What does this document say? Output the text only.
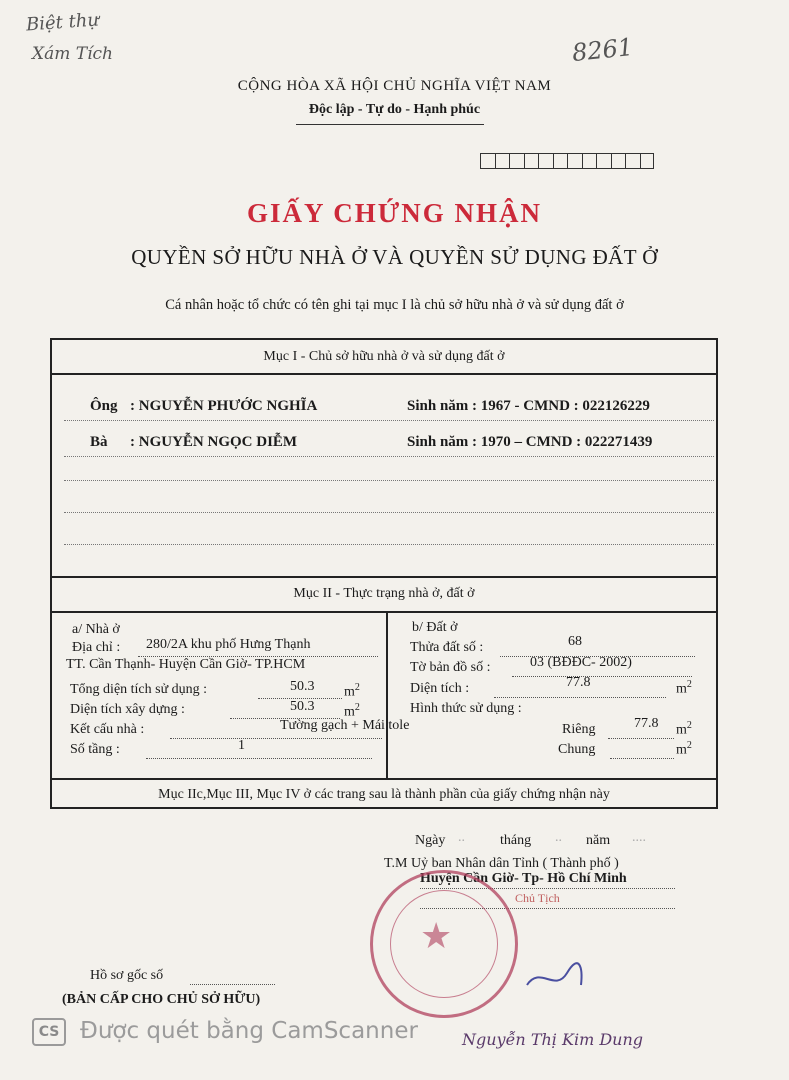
Biệt thự
Xám Tích	8261
CỘNG HÒA XÃ HỘI CHỦ NGHĨA VIỆT NAM
Độc lập - Tự do - Hạnh phúc
GIẤY CHỨNG NHẬN
QUYỀN SỞ HỮU NHÀ Ở VÀ QUYỀN SỬ DỤNG ĐẤT Ở
Cá nhân hoặc tổ chức có tên ghi tại mục I là chủ sở hữu nhà ở và sử dụng đất ở
Mục I - Chủ sở hữu nhà ở và sử dụng đất ở
Ông : NGUYỄN PHƯỚC NGHĨA	Sinh năm : 1967 - CMND : 022126229
Bà : NGUYỄN NGỌC DIỄM	Sinh năm : 1970 – CMND : 022271439
Mục II - Thực trạng nhà ở, đất ở
a/ Nhà ở
Địa chỉ : 280/2A khu phố Hưng Thạnh
TT. Cần Thạnh- Huyện Cần Giờ- TP.HCM
Tổng diện tích sử dụng :	50.3 $m^2$
Diện tích xây dựng :	50.3 $m^2$
Kết cấu nhà :	Tường gạch + Mái tole
Số tầng :	1
b/ Đất ở
Thửa đất số :	68
Tờ bản đồ số :	03 (BĐĐC- 2002)
Diện tích :	77.8	$m^2$
Hình thức sử dụng :
Riêng	77.8 $m^2$
Chung	$m^2$
Mục IIc,Mục III, Mục IV ở các trang sau là thành phần của giấy chứng nhận này
Ngày ..	tháng .. năm ....
T.M Uỷ ban Nhân dân Tỉnh ( Thành phố )
Huyện Cần Giờ- Tp- Hồ Chí Minh
Chủ Tịch
★
Nguyễn Thị Kim Dung
Hồ sơ gốc số
(BẢN CẤP CHO CHỦ SỞ HỮU)
CS Được quét bằng CamScanner
